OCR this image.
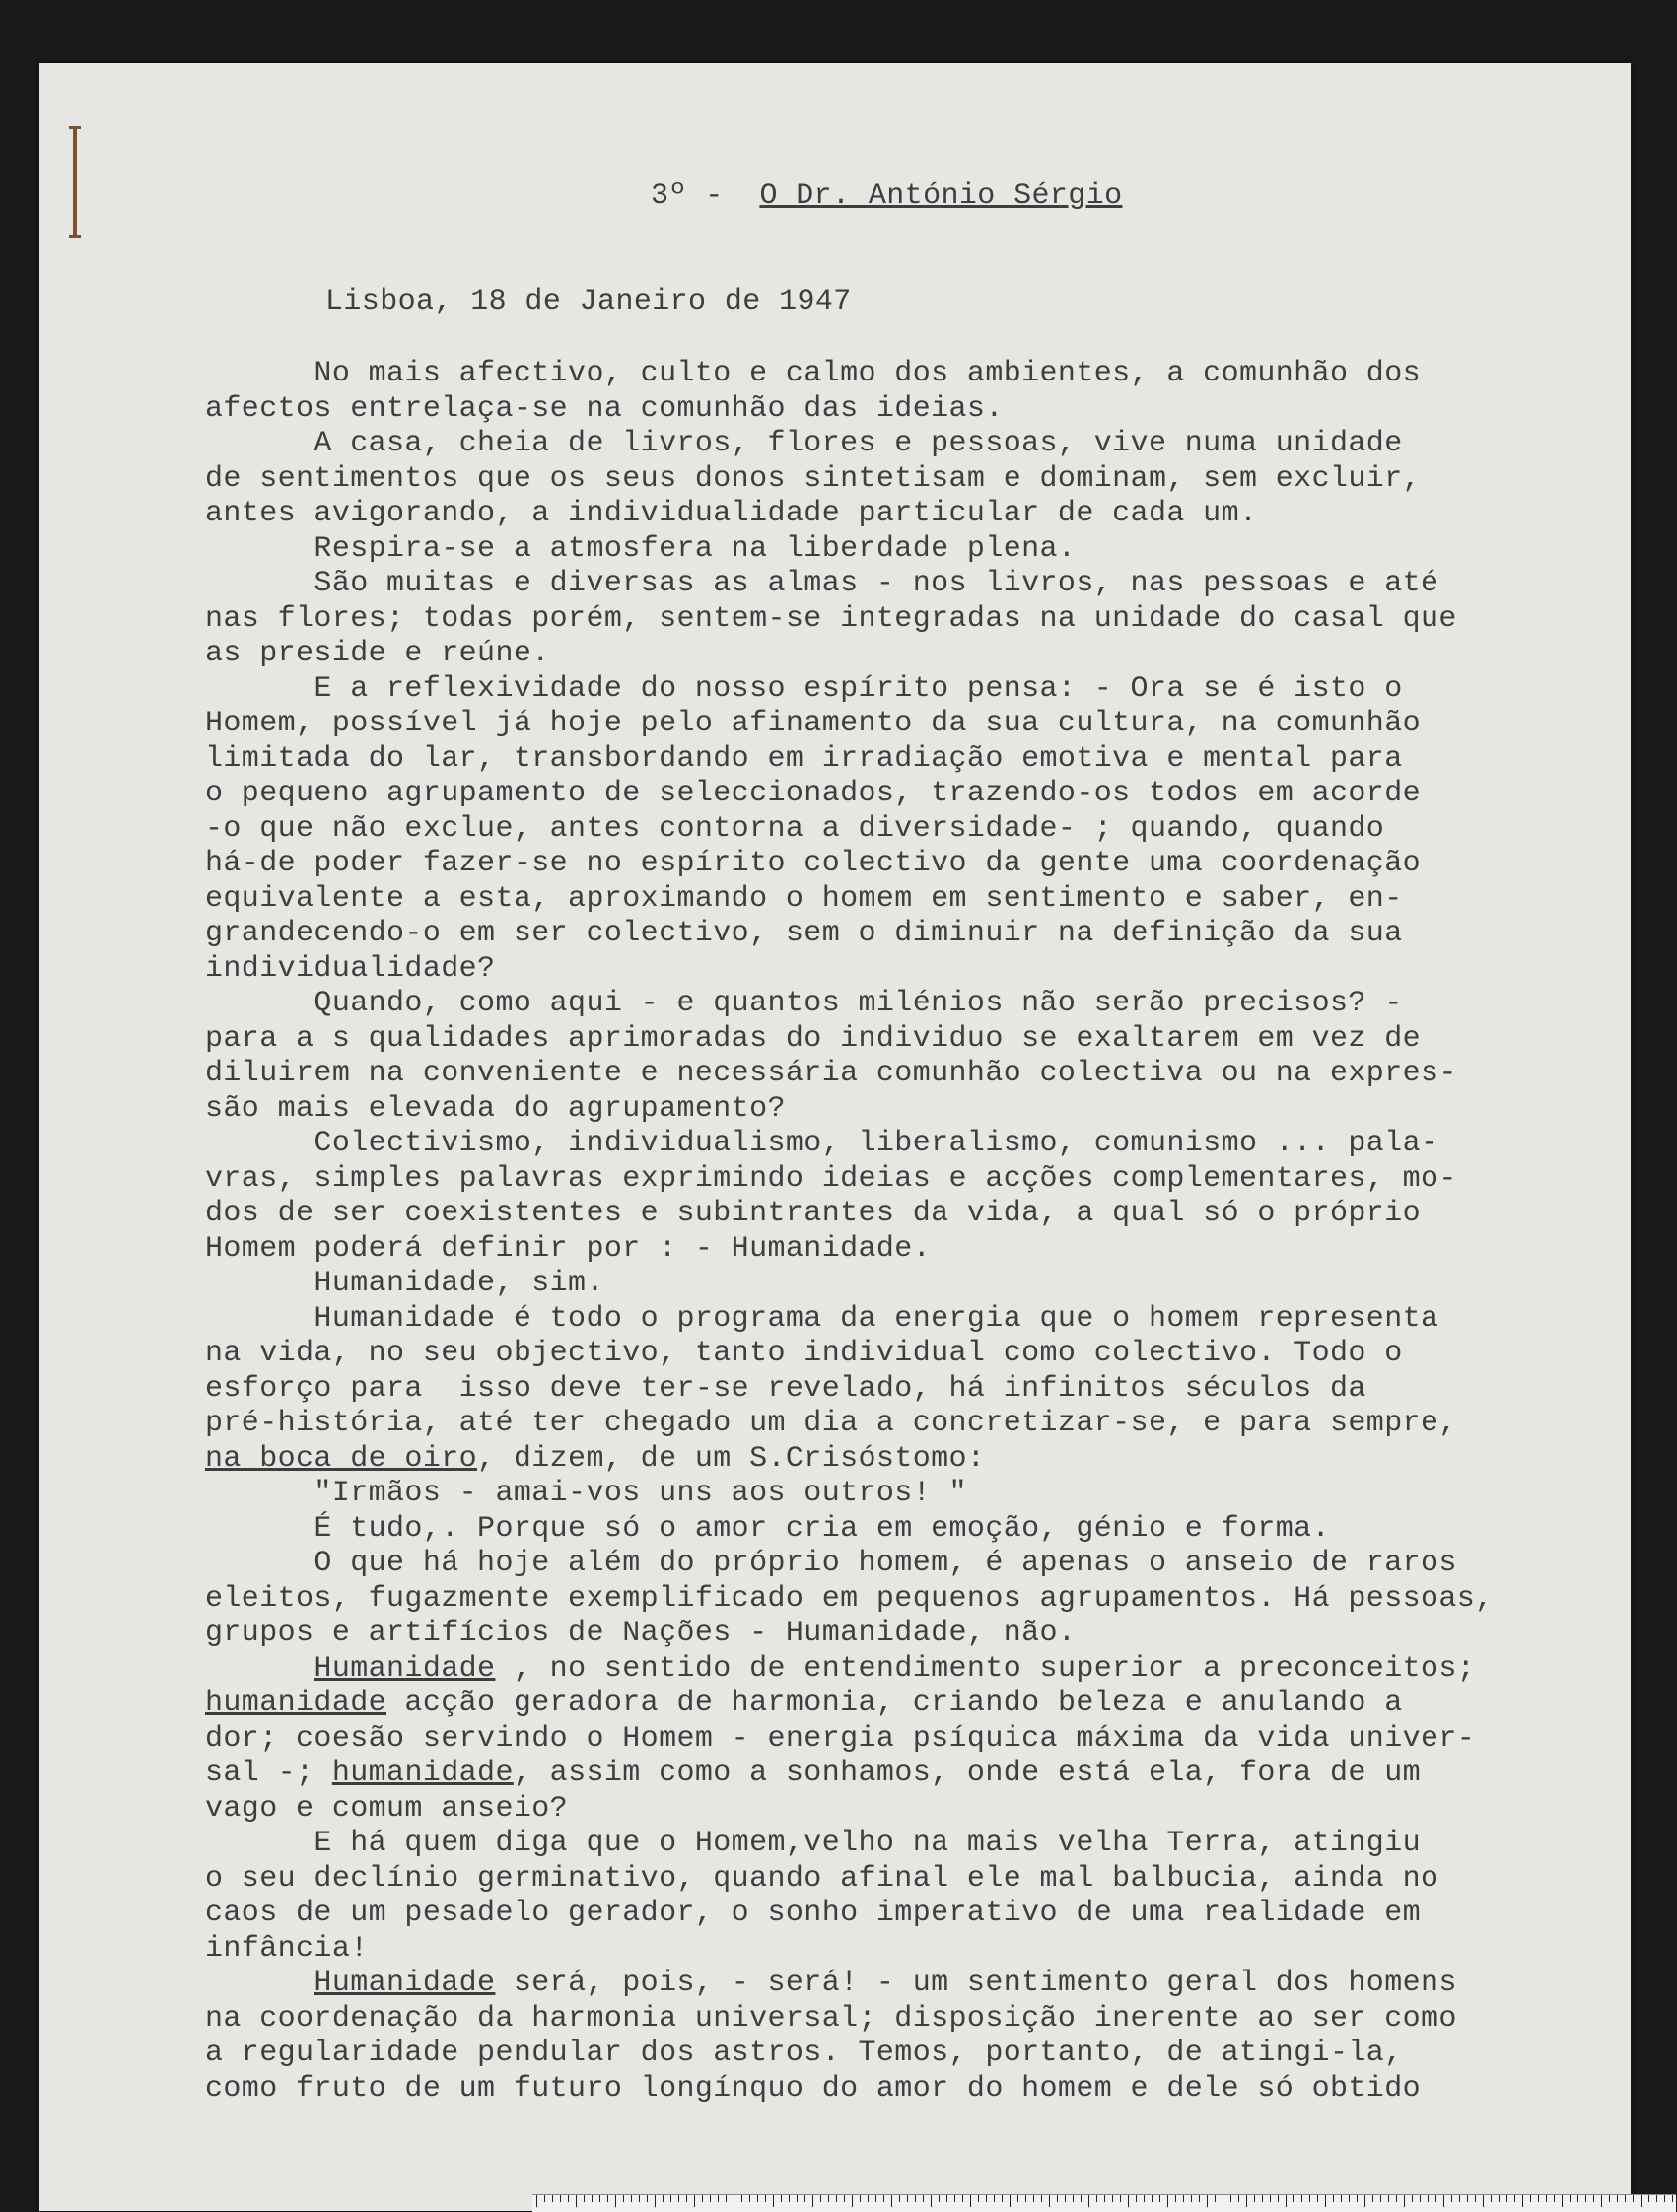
3º - O Dr. António Sérgio
Lisboa, 18 de Janeiro de 1947
No mais afectivo, culto e calmo dos ambientes, a comunhão dos
afectos entrelaça-se na comunhão das ideias.
A casa, cheia de livros, flores e pessoas, vive numa unidade
de sentimentos que os seus donos sintetisam e dominam, sem excluir,
antes avigorando, a individualidade particular de cada um.
Respira-se a atmosfera na liberdade plena.
São muitas e diversas as almas - nos livros, nas pessoas e até
nas flores; todas porém, sentem-se integradas na unidade do casal que
as preside e reúne.
E a reflexividade do nosso espírito pensa: - Ora se é isto o
Homem, possível já hoje pelo afinamento da sua cultura, na comunhão
limitada do lar, transbordando em irradiação emotiva e mental para
o pequeno agrupamento de seleccionados, trazendo-os todos em acorde
-o que não exclue, antes contorna a diversidade- ; quando, quando
há-de poder fazer-se no espírito colectivo da gente uma coordenação
equivalente a esta, aproximando o homem em sentimento e saber, en-
grandecendo-o em ser colectivo, sem o diminuir na definição da sua
individualidade?
Quando, como aqui - e quantos milénios não serão precisos? -
para a s qualidades aprimoradas do individuo se exaltarem em vez de
diluirem na conveniente e necessária comunhão colectiva ou na expres-
são mais elevada do agrupamento?
Colectivismo, individualismo, liberalismo, comunismo ... pala-
vras, simples palavras exprimindo ideias e acções complementares, mo-
dos de ser coexistentes e subintrantes da vida, a qual só o próprio
Homem poderá definir por : - Humanidade.
Humanidade, sim.
Humanidade é todo o programa da energia que o homem representa
na vida, no seu objectivo, tanto individual como colectivo. Todo o
esforço para  isso deve ter-se revelado, há infinitos séculos da
pré-história, até ter chegado um dia a concretizar-se, e para sempre,
na boca de oiro, dizem, de um S.Crisóstomo:
"Irmãos - amai-vos uns aos outros! "
É tudo,. Porque só o amor cria em emoção, génio e forma.
O que há hoje além do próprio homem, é apenas o anseio de raros
eleitos, fugazmente exemplificado em pequenos agrupamentos. Há pessoas,
grupos e artifícios de Nações - Humanidade, não.
Humanidade , no sentido de entendimento superior a preconceitos;
humanidade acção geradora de harmonia, criando beleza e anulando a
dor; coesão servindo o Homem - energia psíquica máxima da vida univer-
sal -; humanidade, assim como a sonhamos, onde está ela, fora de um
vago e comum anseio?
E há quem diga que o Homem,velho na mais velha Terra, atingiu
o seu declínio germinativo, quando afinal ele mal balbucia, ainda no
caos de um pesadelo gerador, o sonho imperativo de uma realidade em
infância!
Humanidade será, pois, - será! - um sentimento geral dos homens
na coordenação da harmonia universal; disposição inerente ao ser como
a regularidade pendular dos astros. Temos, portanto, de atingi-la,
como fruto de um futuro longínquo do amor do homem e dele só obtido
